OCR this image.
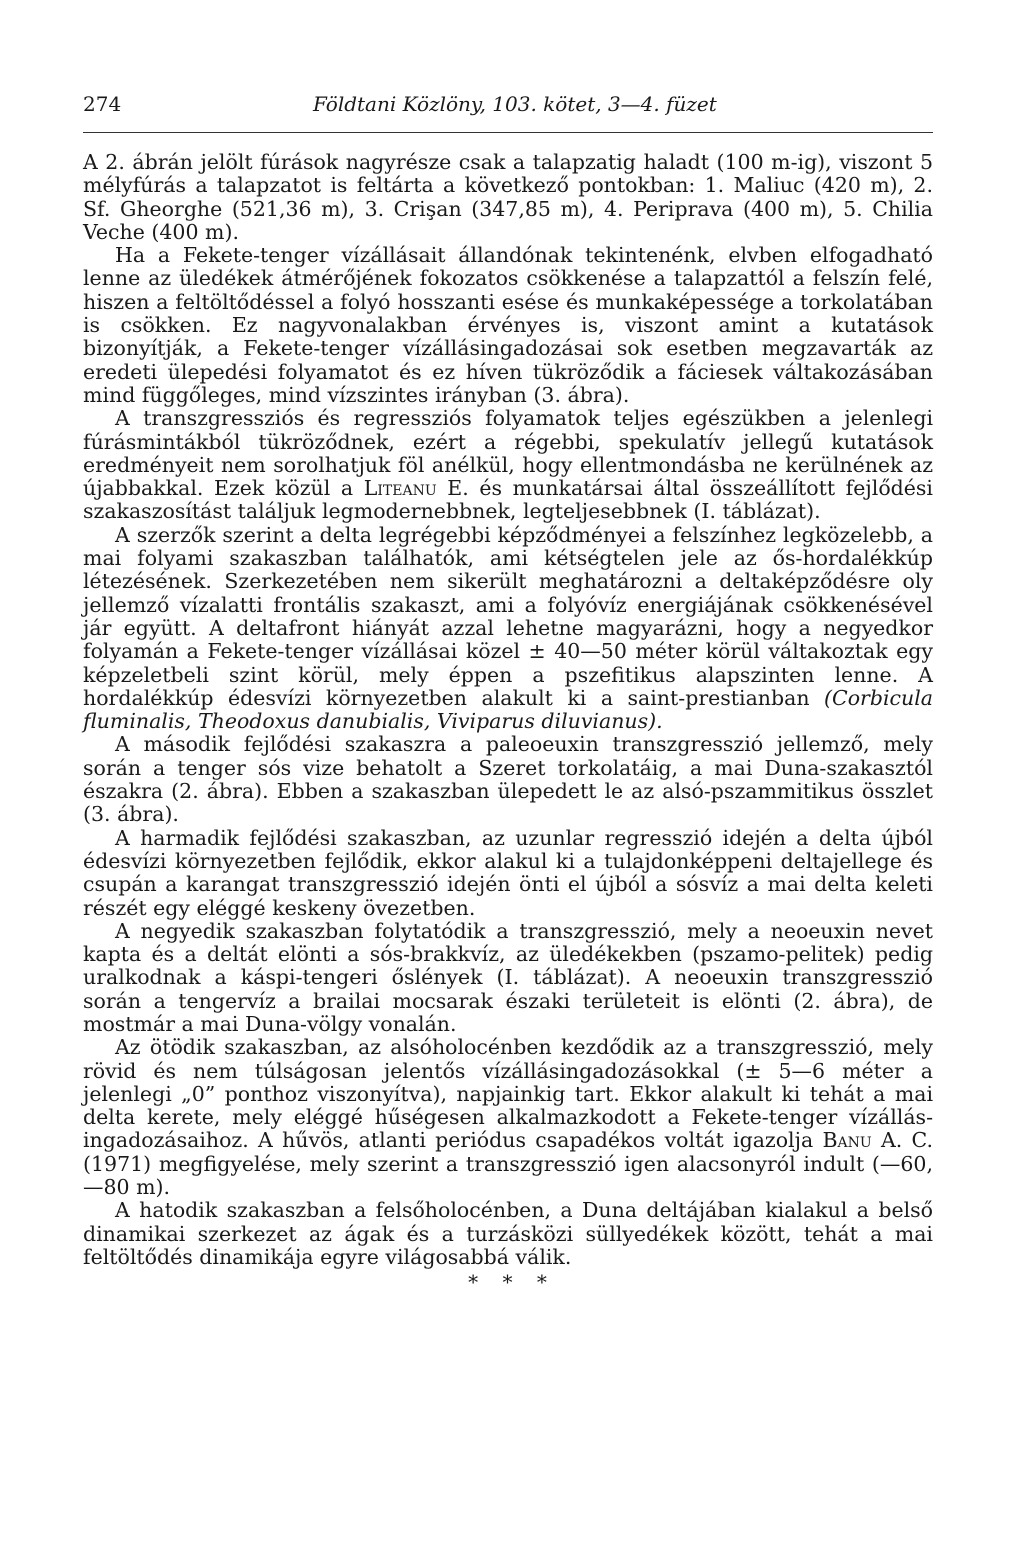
274	Földtani Közlöny, 103. kötet, 3—4. füzet

A 2. ábrán jelölt fúrások nagyrésze csak a talapzatig haladt (100 m-ig), viszont 5 mélyfúrás a talapzatot is feltárta a következő pontokban: 1. Maliuc (420 m), 2. Sf. Gheorghe (521,36 m), 3. Crişan (347,85 m), 4. Periprava (400 m), 5. Chilia Veche (400 m).

Ha a Fekete-tenger vízállásait állandónak tekintenénk, elvben elfogadható lenne az üledékek átmérőjének fokozatos csökkenése a talapzattól a felszín felé, hiszen a feltöltődéssel a folyó hosszanti esése és munkaképessége a torkolatában is csökken. Ez nagyvonalakban érvényes is, viszont amint a kutatások bizonyítják, a Fekete-tenger vízállásingadozásai sok esetben megzavarták az eredeti ülepedési folyamatot és ez híven tükröződik a fáciesek váltakozásában mind függőleges, mind vízszintes irányban (3. ábra).

A transzgressziós és regressziós folyamatok teljes egészükben a jelenlegi fúrásmintákból tükröződnek, ezért a régebbi, spekulatív jellegű kutatások eredményeit nem sorolhatjuk föl anélkül, hogy ellentmondásba ne kerülnének az újabbakkal. Ezek közül a Liteanu E. és munkatársai által összeállított fejlődési szakaszosítást találjuk legmodernebbnek, legteljesebbnek (I. táblázat).

A szerzők szerint a delta legrégebbi képződményei a felszínhez legközelebb, a mai folyami szakaszban találhatók, ami kétségtelen jele az ős-hordalékkúp létezésének. Szerkezetében nem sikerült meghatározni a deltaképződésre oly jellemző vízalatti frontális szakaszt, ami a folyóvíz energiájának csökkenésével jár együtt. A deltafront hiányát azzal lehetne magyarázni, hogy a negyedkor folyamán a Fekete-tenger vízállásai közel ± 40—50 méter körül váltakoztak egy képzeletbeli szint körül, mely éppen a pszefitikus alapszinten lenne. A hordalékkúp édesvízi környezetben alakult ki a saint-prestianban (Corbicula fluminalis, Theodoxus danubialis, Viviparus diluvianus).

A második fejlődési szakaszra a paleoeuxin transzgresszió jellemző, mely során a tenger sós vize behatolt a Szeret torkolatáig, a mai Duna-szakasztól északra (2. ábra). Ebben a szakaszban ülepedett le az alsó-pszammitikus összlet (3. ábra).

A harmadik fejlődési szakaszban, az uzunlar regresszió idején a delta újból édesvízi környezetben fejlődik, ekkor alakul ki a tulajdonképpeni deltajellege és csupán a karangat transzgresszió idején önti el újból a sósvíz a mai delta keleti részét egy eléggé keskeny övezetben.

A negyedik szakaszban folytatódik a transzgresszió, mely a neoeuxin nevet kapta és a deltát elönti a sós-brakkvíz, az üledékekben (pszamo-pelitek) pedig uralkodnak a káspi-tengeri őslények (I. táblázat). A neoeuxin transzgresszió során a tengervíz a brailai mocsarak északi területeit is elönti (2. ábra), de mostmár a mai Duna-völgy vonalán.

Az ötödik szakaszban, az alsóholocénben kezdődik az a transzgresszió, mely rövid és nem túlságosan jelentős vízállásingadozásokkal (± 5—6 méter a jelenlegi „0” ponthoz viszonyítva), napjainkig tart. Ekkor alakult ki tehát a mai delta kerete, mely eléggé hűségesen alkalmazkodott a Fekete-tenger vízállás-ingadozásaihoz. A hűvös, atlanti periódus csapadékos voltát igazolja Banu A. C. (1971) megfigyelése, mely szerint a transzgresszió igen alacsonyról indult (—60, —80 m).

A hatodik szakaszban a felsőholocénben, a Duna deltájában kialakul a belső dinamikai szerkezet az ágak és a turzásközi süllyedékek között, tehát a mai feltöltődés dinamikája egyre világosabbá válik.

* * *
